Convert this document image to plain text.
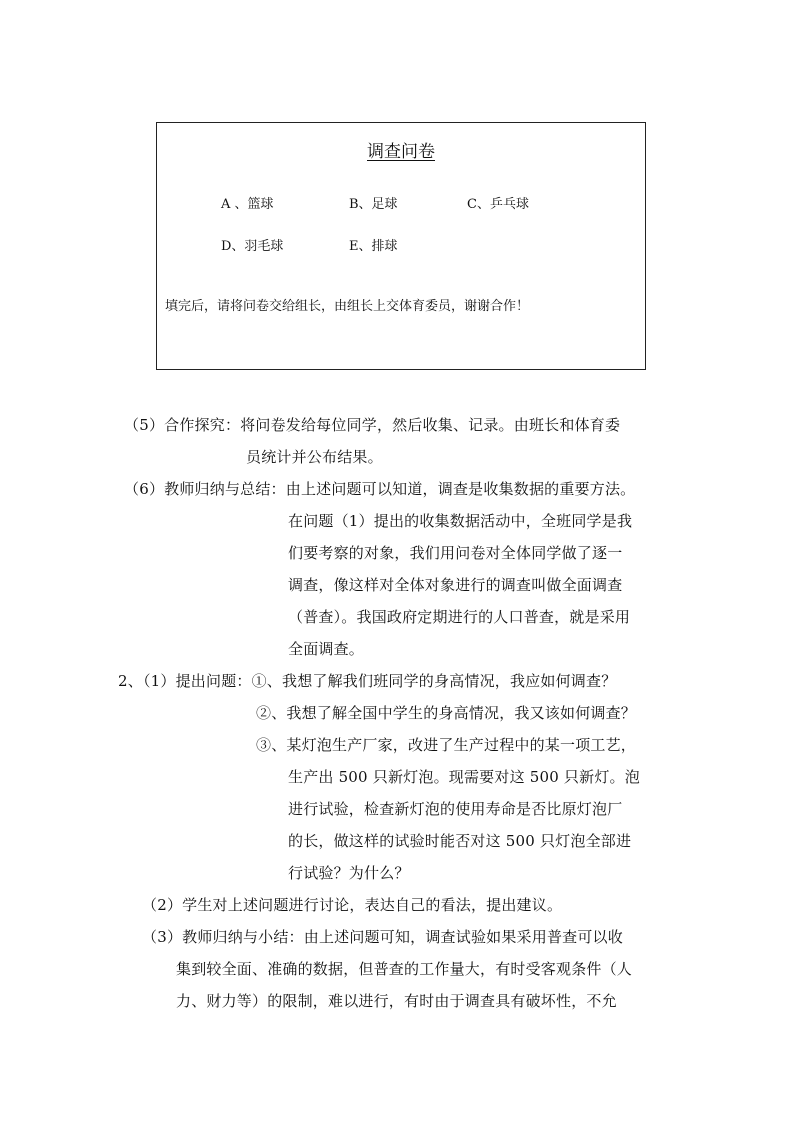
调查问卷
A 、篮球	B、足球	C、乒乓球
D、羽毛球	E、排球
填完后，请将问卷交给组长，由组长上交体育委员，谢谢合作！
（5）合作探究：将问卷发给每位同学，然后收集、记录。由班长和体育委
员统计并公布结果。
（6）教师归纳与总结：由上述问题可以知道，调查是收集数据的重要方法。
在问题（1）提出的收集数据活动中，全班同学是我
们要考察的对象，我们用问卷对全体同学做了逐一
调查，像这样对全体对象进行的调查叫做全面调查
（普查）。我国政府定期进行的人口普查，就是采用
全面调查。
2、（1）提出问题：①、我想了解我们班同学的身高情况，我应如何调查？
②、我想了解全国中学生的身高情况，我又该如何调查？
③、某灯泡生产厂家，改进了生产过程中的某一项工艺，
生产出 500 只新灯泡。现需要对这 500 只新灯。泡
进行试验，检查新灯泡的使用寿命是否比原灯泡厂
的长，做这样的试验时能否对这 500 只灯泡全部进
行试验？为什么？
（2）学生对上述问题进行讨论，表达自己的看法，提出建议。
（3）教师归纳与小结：由上述问题可知，调查试验如果采用普查可以收
集到较全面、准确的数据，但普查的工作量大，有时受客观条件（人
力、财力等）的限制，难以进行，有时由于调查具有破坏性，不允
